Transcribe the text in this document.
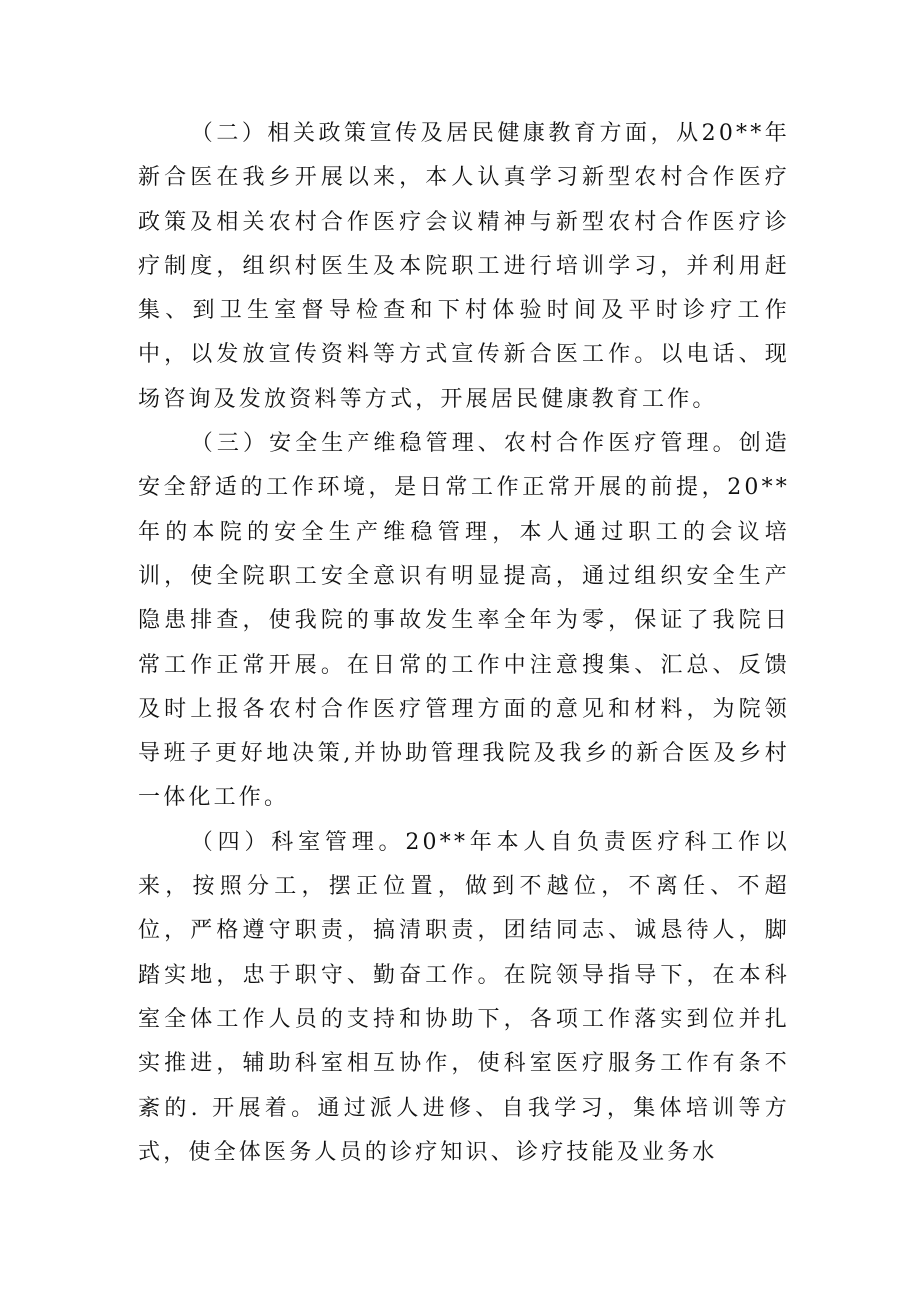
（二）相关政策宣传及居民健康教育方面，从20**年新合医在我乡开展以来，本人认真学习新型农村合作医疗政策及相关农村合作医疗会议精神与新型农村合作医疗诊疗制度，组织村医生及本院职工进行培训学习，并利用赶集、到卫生室督导检查和下村体验时间及平时诊疗工作中，以发放宣传资料等方式宣传新合医工作。以电话、现场咨询及发放资料等方式，开展居民健康教育工作。

（三）安全生产维稳管理、农村合作医疗管理。创造安全舒适的工作环境，是日常工作正常开展的前提，20**年的本院的安全生产维稳管理，本人通过职工的会议培训，使全院职工安全意识有明显提高，通过组织安全生产隐患排查，使我院的事故发生率全年为零，保证了我院日常工作正常开展。在日常的工作中注意搜集、汇总、反馈及时上报各农村合作医疗管理方面的意见和材料，为院领导班子更好地决策,并协助管理我院及我乡的新合医及乡村一体化工作。

（四）科室管理。20**年本人自负责医疗科工作以来，按照分工，摆正位置，做到不越位，不离任、不超位，严格遵守职责，搞清职责，团结同志、诚恳待人，脚踏实地，忠于职守、勤奋工作。在院领导指导下，在本科室全体工作人员的支持和协助下，各项工作落实到位并扎实推进，辅助科室相互协作，使科室医疗服务工作有条不紊的. 开展着。通过派人进修、自我学习，集体培训等方式，使全体医务人员的诊疗知识、诊疗技能及业务水
